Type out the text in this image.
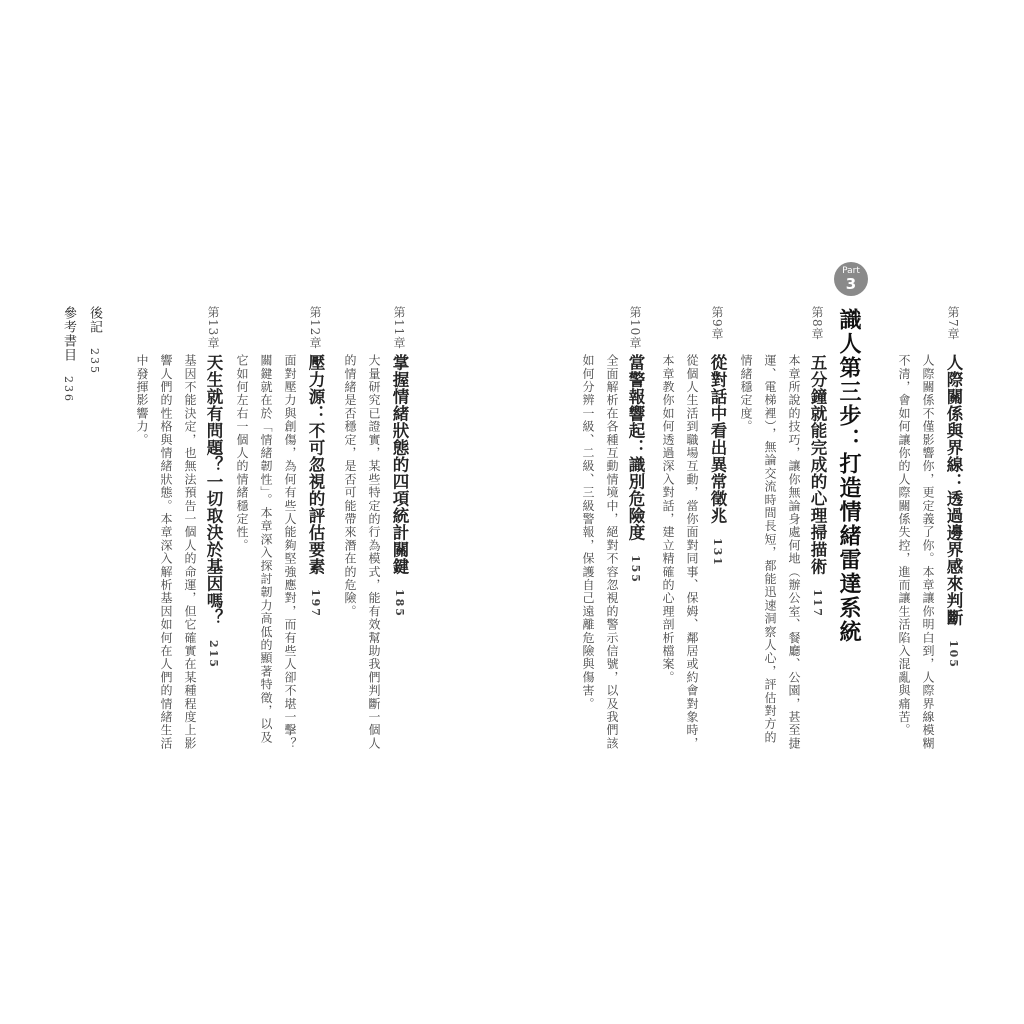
Part
3
識人第三步：打造情緒雷達系統	第7章
人際關係與界線：透過邊界感來判斷105
人際關係不僅影響你，更定義了你。本章讓你明白到，人際界線模糊
不清，會如何讓你的人際關係失控，進而讓生活陷入混亂與痛苦。
第8章
五分鐘就能完成的心理掃描術117
本章所說的技巧，讓你無論身處何地（辦公室、餐廳、公園，甚至捷
運、電梯裡），無論交流時間長短，都能迅速洞察人心，評估對方的
情緒穩定度。
第9章
從對話中看出異常徵兆131
從個人生活到職場互動，當你面對同事、保姆、鄰居或約會對象時，
本章教你如何透過深入對話，建立精確的心理剖析檔案。
第10章
當警報響起：識別危險度155
全面解析在各種互動情境中，絕對不容忽視的警示信號，以及我們該
如何分辨一級、二級、三級警報，保護自己遠離危險與傷害。
第11章
掌握情緒狀態的四項統計關鍵185
大量研究已證實，某些特定的行為模式，能有效幫助我們判斷一個人
的情緒是否穩定，是否可能帶來潛在的危險。
第12章
壓力源：不可忽視的評估要素197
面對壓力與創傷，為何有些人能夠堅強應對，而有些人卻不堪一擊？
關鍵就在於「情緒韌性」。本章深入探討韌力高低的顯著特徵，以及
它如何左右一個人的情緒穩定性。
第13章
天生就有問題？一切取決於基因嗎？215
基因不能決定，也無法預告一個人的命運，但它確實在某種程度上影
響人們的性格與情緒狀態。本章深入解析基因如何在人們的情緒生活
中發揮影響力。
後記235
參考書目236
